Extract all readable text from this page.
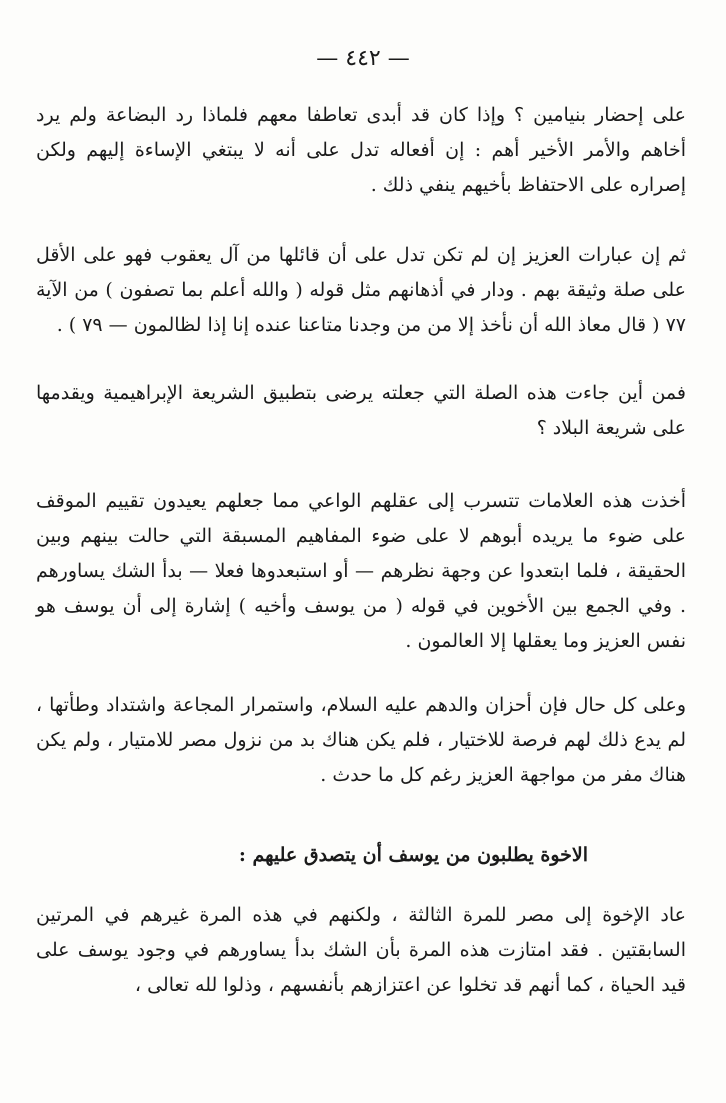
— ٤٤٢ —

على إحضار بنيامين ؟ وإذا كان قد أبدى تعاطفا معهم فلماذا رد البضاعة ولم يرد أخاهم والأمر الأخير أهم : إن أفعاله تدل على أنه لا يبتغي الإساءة إليهم ولكن إصراره على الاحتفاظ بأخيهم ينفي ذلك .

ثم إن عبارات العزيز إن لم تكن تدل على أن قائلها من آل يعقوب فهو على الأقل على صلة وثيقة بهم . ودار في أذهانهم مثل قوله ( والله أعلم بما تصفون ) من الآية ٧٧ ( قال معاذ الله أن نأخذ إلا من من وجدنا متاعنا عنده إنا إذا لظالمون — ٧٩ ) .

فمن أين جاءت هذه الصلة التي جعلته يرضى بتطبيق الشريعة الإبراهيمية ويقدمها على شريعة البلاد ؟

أخذت هذه العلامات تتسرب إلى عقلهم الواعي مما جعلهم يعيدون تقييم الموقف على ضوء ما يريده أبوهم لا على ضوء المفاهيم المسبقة التي حالت بينهم وبين الحقيقة ، فلما ابتعدوا عن وجهة نظرهم — أو استبعدوها فعلا — بدأ الشك يساورهم . وفي الجمع بين الأخوين في قوله ( من يوسف وأخيه ) إشارة إلى أن يوسف هو نفس العزيز وما يعقلها إلا العالمون .

وعلى كل حال فإن أحزان والدهم عليه السلام، واستمرار المجاعة واشتداد وطأتها ، لم يدع ذلك لهم فرصة للاختيار ، فلم يكن هناك بد من نزول مصر للامتيار ، ولم يكن هناك مفر من مواجهة العزيز رغم كل ما حدث .

الاخوة يطلبون من يوسف أن يتصدق عليهم :

عاد الإخوة إلى مصر للمرة الثالثة ، ولكنهم في هذه المرة غيرهم في المرتين السابقتين . فقد امتازت هذه المرة بأن الشك بدأ يساورهم في وجود يوسف على قيد الحياة ، كما أنهم قد تخلوا عن اعتزازهم بأنفسهم ، وذلوا لله تعالى ،
